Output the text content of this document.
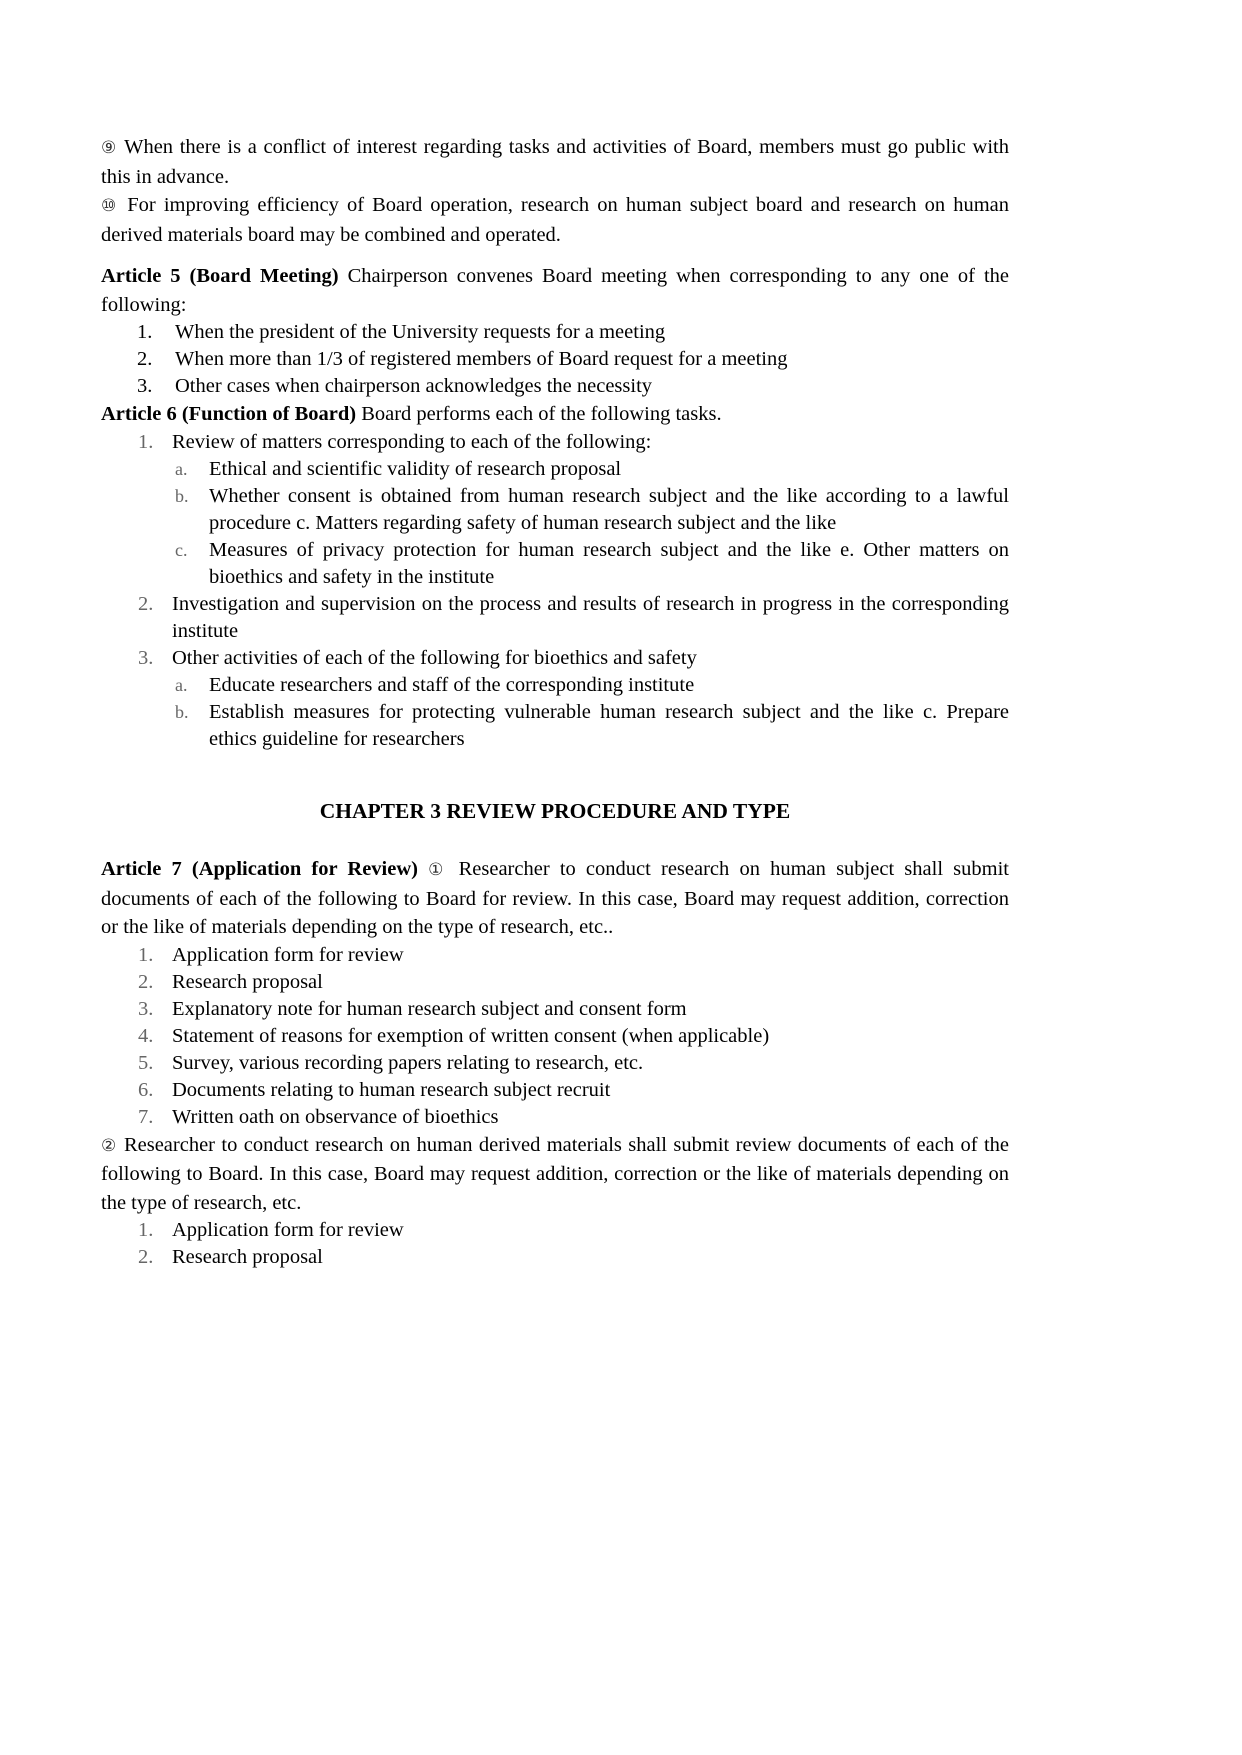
⑨ When there is a conflict of interest regarding tasks and activities of Board, members must go public with this in advance.

⑩ For improving efficiency of Board operation, research on human subject board and research on human derived materials board may be combined and operated.

Article 5 (Board Meeting) Chairperson convenes Board meeting when corresponding to any one of the following:

1. When the president of the University requests for a meeting
2. When more than 1/3 of registered members of Board request for a meeting
3. Other cases when chairperson acknowledges the necessity

Article 6 (Function of Board) Board performs each of the following tasks.

1. Review of matters corresponding to each of the following:
a. Ethical and scientific validity of research proposal
b. Whether consent is obtained from human research subject and the like according to a lawful procedure c. Matters regarding safety of human research subject and the like
c. Measures of privacy protection for human research subject and the like e. Other matters on bioethics and safety in the institute
2. Investigation and supervision on the process and results of research in progress in the corresponding institute
3. Other activities of each of the following for bioethics and safety
a. Educate researchers and staff of the corresponding institute
b. Establish measures for protecting vulnerable human research subject and the like c. Prepare ethics guideline for researchers
CHAPTER 3 REVIEW PROCEDURE AND TYPE

Article 7 (Application for Review) ① Researcher to conduct research on human subject shall submit documents of each of the following to Board for review. In this case, Board may request addition, correction or the like of materials depending on the type of research, etc..

1. Application form for review
2. Research proposal
3. Explanatory note for human research subject and consent form
4. Statement of reasons for exemption of written consent (when applicable)
5. Survey, various recording papers relating to research, etc.
6. Documents relating to human research subject recruit
7. Written oath on observance of bioethics

② Researcher to conduct research on human derived materials shall submit review documents of each of the following to Board. In this case, Board may request addition, correction or the like of materials depending on the type of research, etc.

1. Application form for review
2. Research proposal
